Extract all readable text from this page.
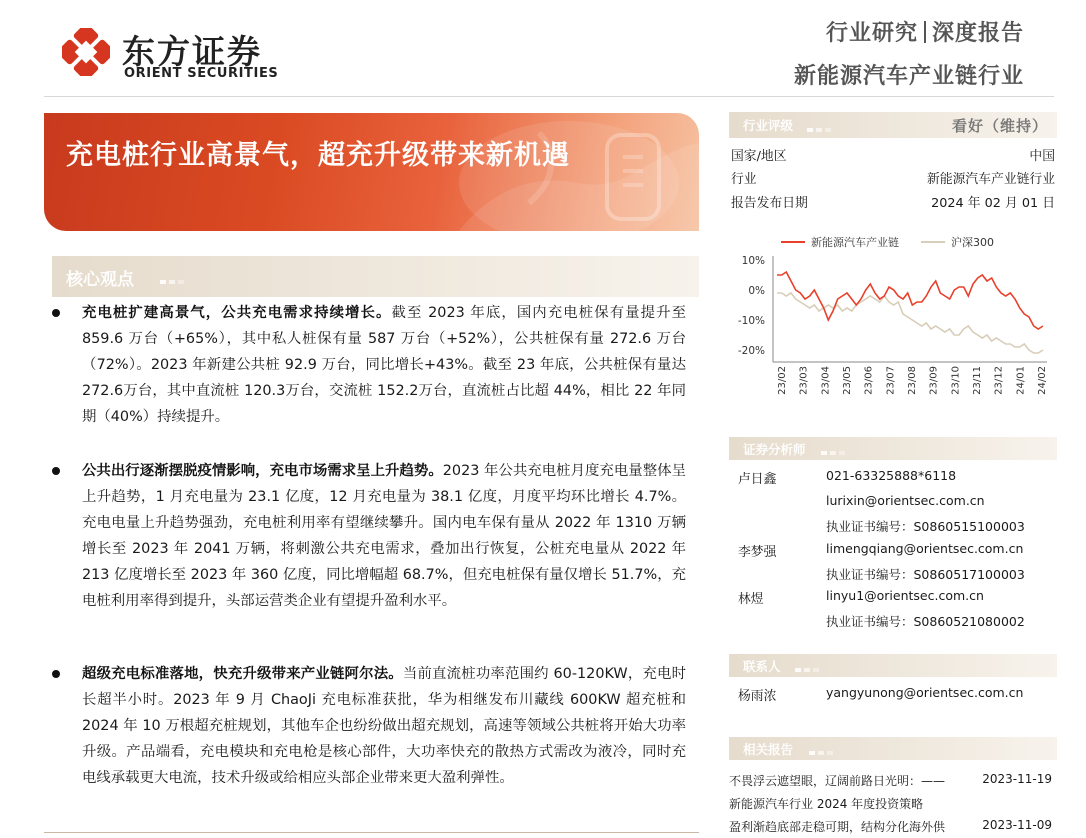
东方证券
ORIENT SECURITIES
行业研究 深度报告
新能源汽车产业链行业
充电桩行业高景气，超充升级带来新机遇
核心观点
充电桩扩建高景气，公共充电需求持续增长。截至 2023 年底，国内充电桩保有量提升至 859.6 万台（+65%），其中私人桩保有量 587 万台（+52%），公共桩保有量 272.6 万台（72%）。2023 年新建公共桩 92.9 万台，同比增长+43%。截至 23 年底，公共桩保有量达 272.6万台，其中直流桩 120.3万台，交流桩 152.2万台，直流桩占比超 44%，相比 22 年同期（40%）持续提升。
公共出行逐渐摆脱疫情影响，充电市场需求呈上升趋势。2023 年公共充电桩月度充电量整体呈上升趋势，1 月充电量为 23.1 亿度，12 月充电量为 38.1 亿度，月度平均环比增长 4.7%。充电电量上升趋势强劲，充电桩利用率有望继续攀升。国内电车保有量从 2022 年 1310 万辆增长至 2023 年 2041 万辆，将刺激公共充电需求，叠加出行恢复，公桩充电量从 2022 年 213 亿度增长至 2023 年 360 亿度，同比增幅超 68.7%，但充电桩保有量仅增长 51.7%，充电桩利用率得到提升，头部运营类企业有望提升盈利水平。
超级充电标准落地，快充升级带来产业链阿尔法。当前直流桩功率范围约 60-120KW，充电时长超半小时。2023 年 9 月 ChaoJi 充电标准获批，华为相继发布川藏线 600KW 超充桩和 2024 年 10 万根超充桩规划，其他车企也纷纷做出超充规划，高速等领域公共桩将开始大功率升级。产品端看，充电模块和充电枪是核心部件，大功率快充的散热方式需改为液冷，同时充电线承载更大电流，技术升级或给相应头部企业带来更大盈利弹性。
行业评级	看好（维持）
国家/地区	中国
行业	新能源汽车产业链行业
报告发布日期	2024 年 02 月 01 日
10%
0%
-10%
-20%
23/02 23/03 23/04 23/05 23/06 23/07 23/08 23/09 23/10 23/11 23/12 24/01 24/02
新能源汽车产业链	沪深300
证券分析师
卢日鑫	021-63325888*6118
lurixin@orientsec.com.cn
执业证书编号：S0860515100003
李梦强	limengqiang@orientsec.com.cn
执业证书编号：S0860517100003
林煜	linyu1@orientsec.com.cn
执业证书编号：S0860521080002
联系人
杨雨浓	yangyunong@orientsec.com.cn
相关报告
不畏浮云遮望眼，辽阔前路日光明：——	2023-11-19
新能源汽车行业 2024 年度投资策略
盈利渐趋底部走稳可期，结构分化海外供	2023-11-09
